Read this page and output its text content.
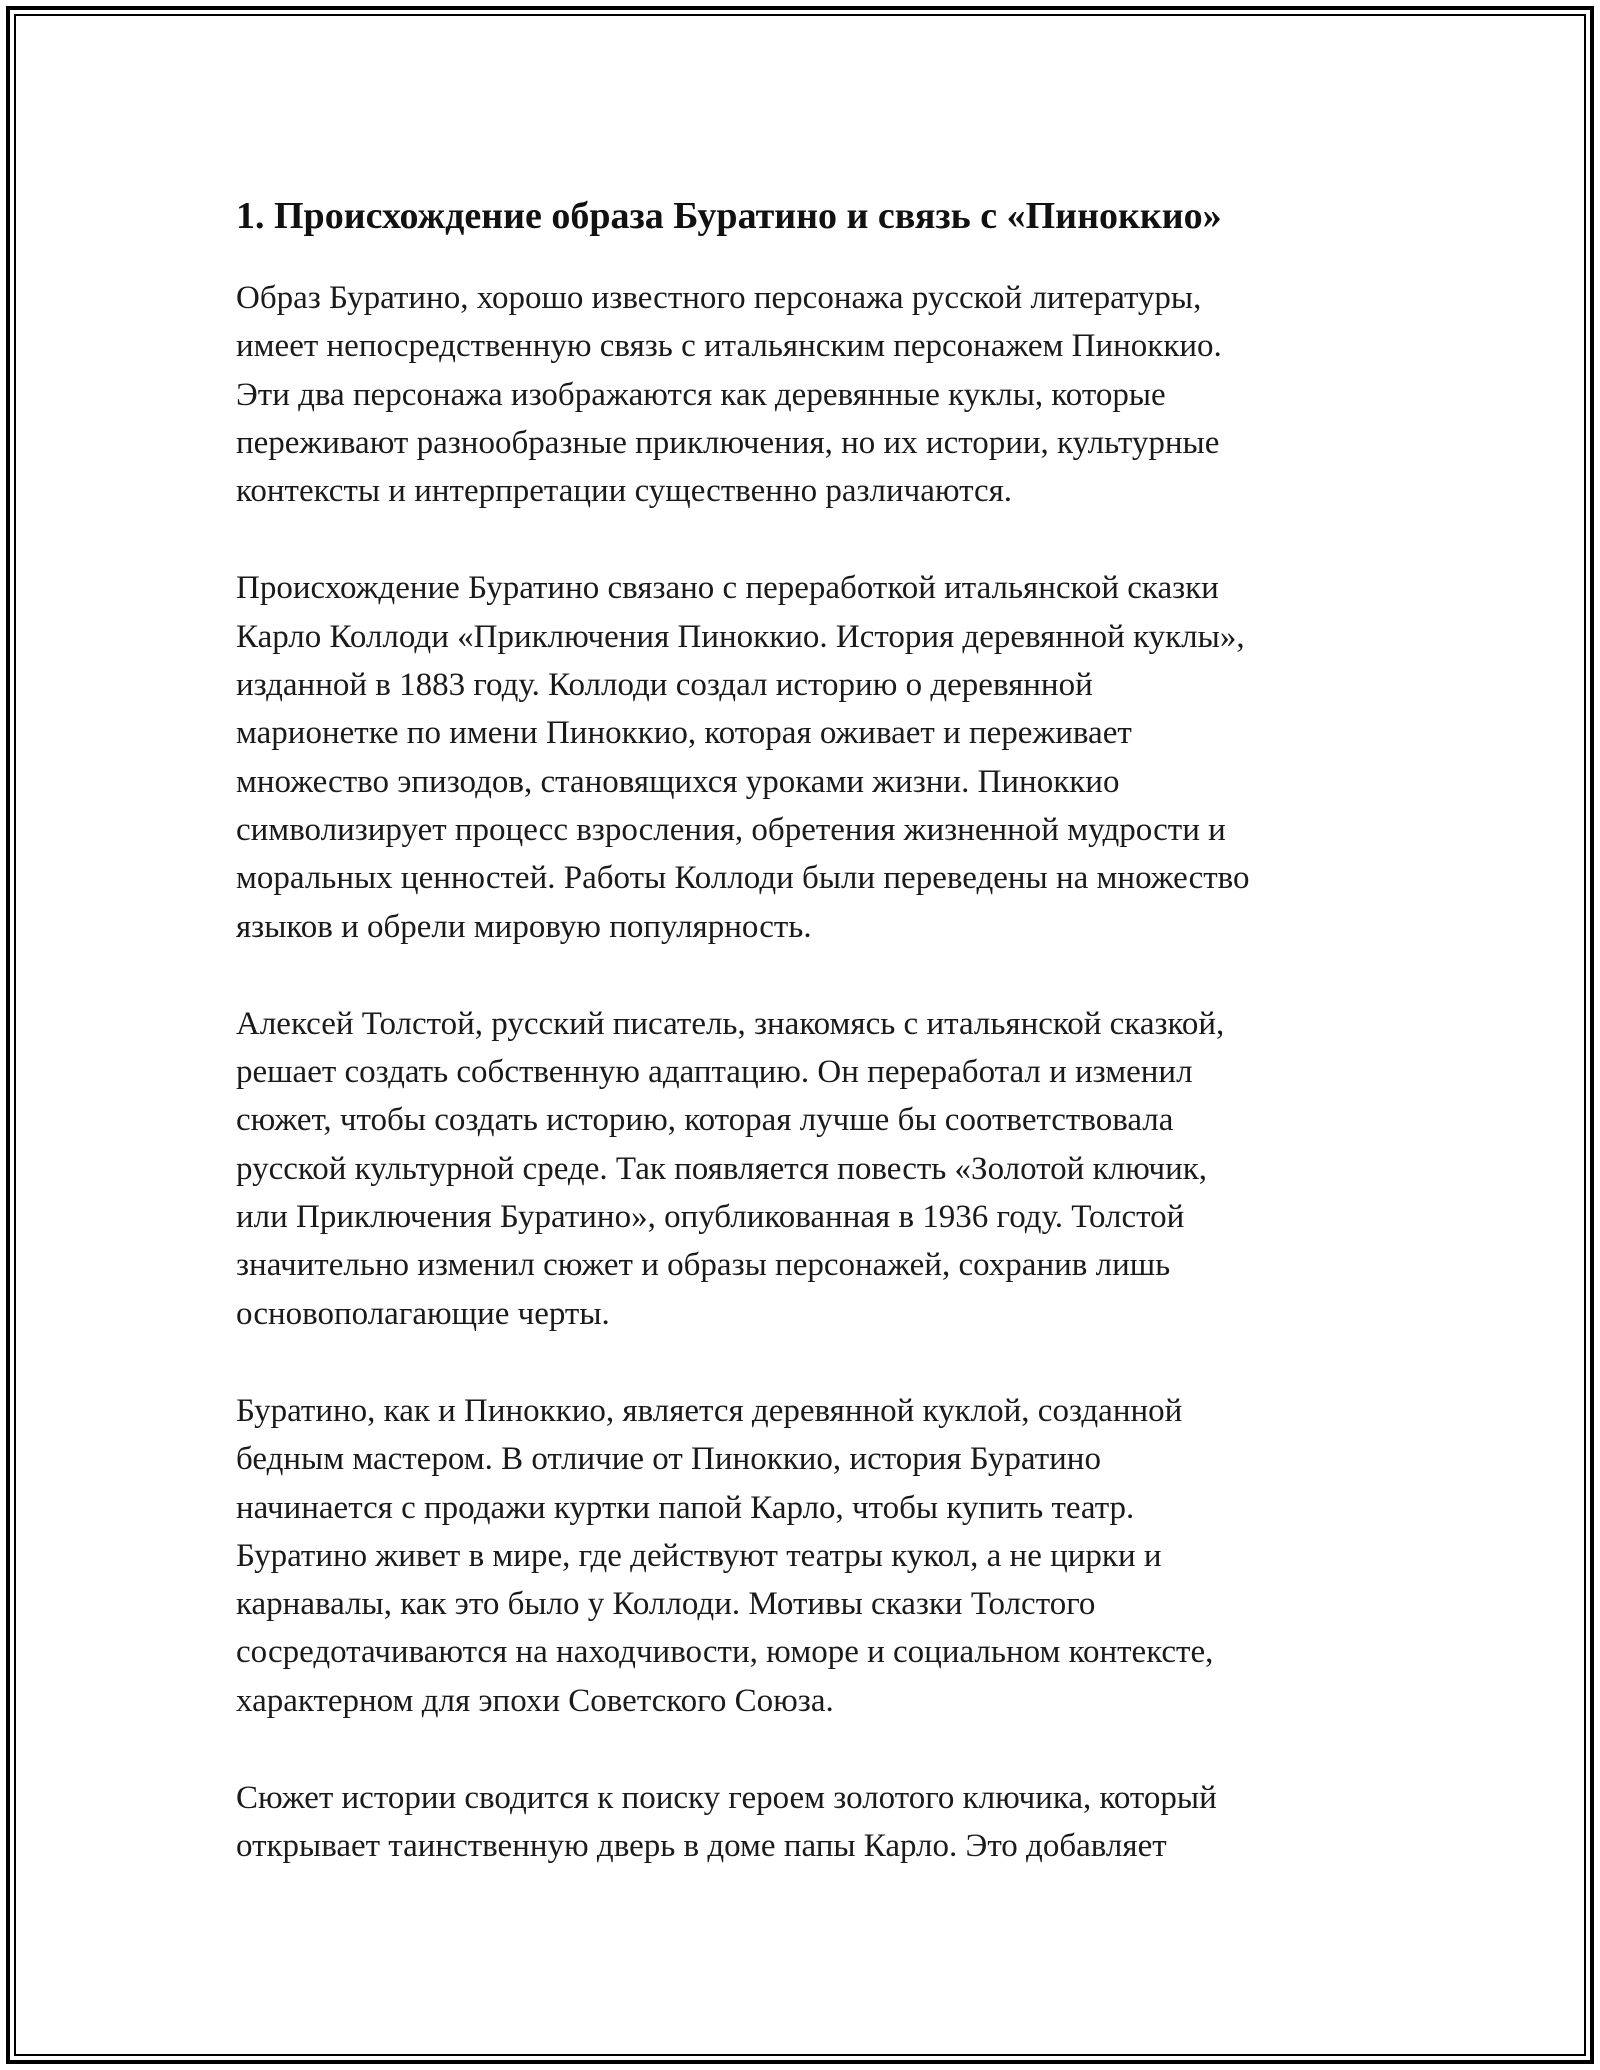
1. Происхождение образа Буратино и связь с «Пиноккио»

Образ Буратино, хорошо известного персонажа русской литературы,
имеет непосредственную связь с итальянским персонажем Пиноккио.
Эти два персонажа изображаются как деревянные куклы, которые
переживают разнообразные приключения, но их истории, культурные
контексты и интерпретации существенно различаются.

Происхождение Буратино связано с переработкой итальянской сказки
Карло Коллоди «Приключения Пиноккио. История деревянной куклы»,
изданной в 1883 году. Коллоди создал историю о деревянной
марионетке по имени Пиноккио, которая оживает и переживает
множество эпизодов, становящихся уроками жизни. Пиноккио
символизирует процесс взросления, обретения жизненной мудрости и
моральных ценностей. Работы Коллоди были переведены на множество
языков и обрели мировую популярность.

Алексей Толстой, русский писатель, знакомясь с итальянской сказкой,
решает создать собственную адаптацию. Он переработал и изменил
сюжет, чтобы создать историю, которая лучше бы соответствовала
русской культурной среде. Так появляется повесть «Золотой ключик,
или Приключения Буратино», опубликованная в 1936 году. Толстой
значительно изменил сюжет и образы персонажей, сохранив лишь
основополагающие черты.

Буратино, как и Пиноккио, является деревянной куклой, созданной
бедным мастером. В отличие от Пиноккио, история Буратино
начинается с продажи куртки папой Карло, чтобы купить театр.
Буратино живет в мире, где действуют театры кукол, а не цирки и
карнавалы, как это было у Коллоди. Мотивы сказки Толстого
сосредотачиваются на находчивости, юморе и социальном контексте,
характерном для эпохи Советского Союза.

Сюжет истории сводится к поиску героем золотого ключика, который
открывает таинственную дверь в доме папы Карло. Это добавляет
